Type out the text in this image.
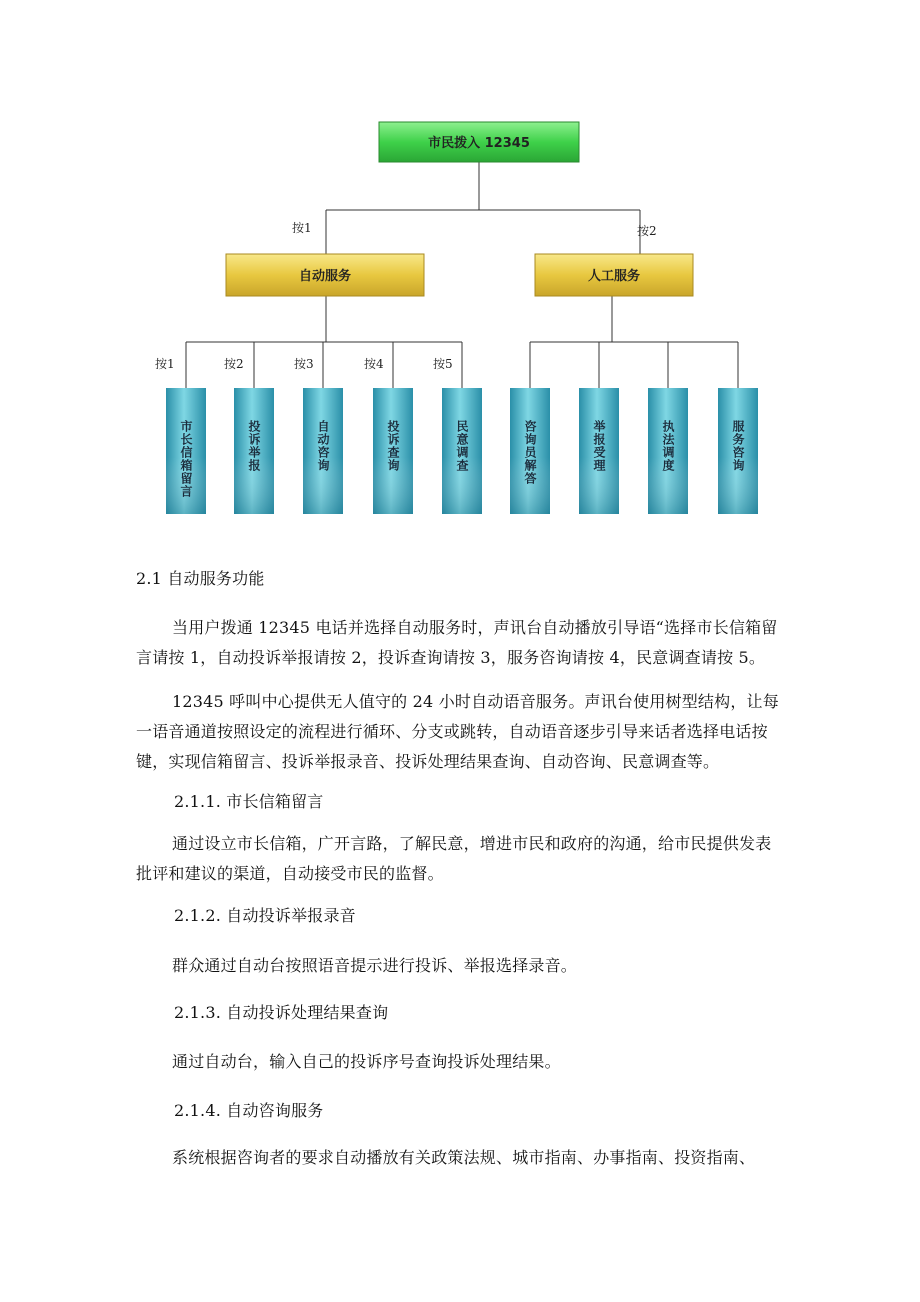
市民拨入 12345
按1	按2
自动服务	人工服务
按1	按2	按3	按4	按5
市长信箱留言	投诉举报	自动咨询	投诉查询	民意调查	咨询员解答	举报受理	执法调度	服务咨询

2.1 自动服务功能

当用户拨通 12345 电话并选择自动服务时，声讯台自动播放引导语“选择市长信箱留言请按 1，自动投诉举报请按 2，投诉查询请按 3，服务咨询请按 4，民意调查请按 5。

12345 呼叫中心提供无人值守的 24 小时自动语音服务。声讯台使用树型结构，让每一语音通道按照设定的流程进行循环、分支或跳转，自动语音逐步引导来话者选择电话按键，实现信箱留言、投诉举报录音、投诉处理结果查询、自动咨询、民意调查等。

2.1.1. 市长信箱留言

通过设立市长信箱，广开言路，了解民意，增进市民和政府的沟通，给市民提供发表批评和建议的渠道，自动接受市民的监督。

2.1.2. 自动投诉举报录音

群众通过自动台按照语音提示进行投诉、举报选择录音。

2.1.3. 自动投诉处理结果查询

通过自动台，输入自己的投诉序号查询投诉处理结果。

2.1.4. 自动咨询服务

系统根据咨询者的要求自动播放有关政策法规、城市指南、办事指南、投资指南、
